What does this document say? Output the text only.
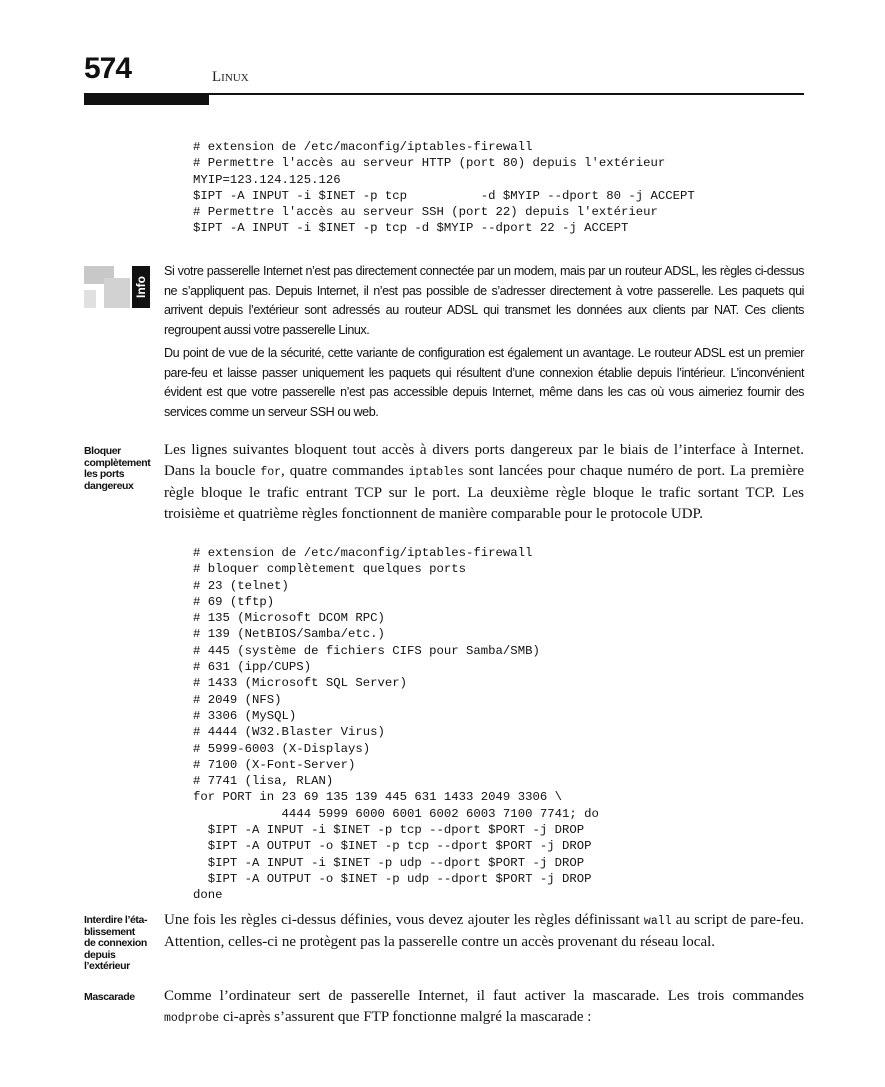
574	Linux
# extension de /etc/maconfig/iptables-firewall
# Permettre l'accès au serveur HTTP (port 80) depuis l'extérieur
MYIP=123.124.125.126
$IPT -A INPUT -i $INET -p tcp          -d $MYIP --dport 80 -j ACCEPT
# Permettre l'accès au serveur SSH (port 22) depuis l'extérieur
$IPT -A INPUT -i $INET -p tcp -d $MYIP --dport 22 -j ACCEPT
Info

Si votre passerelle Internet n’est pas directement connectée par un modem, mais par un routeur ADSL, les règles ci-dessus ne s’appliquent pas. Depuis Internet, il n’est pas possible de s’adresser directement à votre passerelle. Les paquets qui arrivent depuis l’extérieur sont adressés au routeur ADSL qui transmet les données aux clients par NAT. Ces clients regroupent aussi votre passerelle Linux.

Du point de vue de la sécurité, cette variante de configuration est également un avantage. Le routeur ADSL est un premier pare-feu et laisse passer uniquement les paquets qui résultent d’une connexion établie depuis l’intérieur. L’inconvénient évident est que votre passerelle n’est pas accessible depuis Internet, même dans les cas où vous aimeriez fournir des services comme un serveur SSH ou web.

Bloquer complètement les ports dangereux

Les lignes suivantes bloquent tout accès à divers ports dangereux par le biais de l’interface à Internet. Dans la boucle for, quatre commandes iptables sont lancées pour chaque numéro de port. La première règle bloque le trafic entrant TCP sur le port. La deuxième règle bloque le trafic sortant TCP. Les troisième et quatrième règles fonctionnent de manière comparable pour le protocole UDP.

# extension de /etc/maconfig/iptables-firewall
# bloquer complètement quelques ports
# 23 (telnet)
# 69 (tftp)
# 135 (Microsoft DCOM RPC)
# 139 (NetBIOS/Samba/etc.)
# 445 (système de fichiers CIFS pour Samba/SMB)
# 631 (ipp/CUPS)
# 1433 (Microsoft SQL Server)
# 2049 (NFS)
# 3306 (MySQL)
# 4444 (W32.Blaster Virus)
# 5999-6003 (X-Displays)
# 7100 (X-Font-Server)
# 7741 (lisa, RLAN)
for PORT in 23 69 135 139 445 631 1433 2049 3306 \
4444 5999 6000 6001 6002 6003 7100 7741; do
$IPT -A INPUT -i $INET -p tcp --dport $PORT -j DROP
$IPT -A OUTPUT -o $INET -p tcp --dport $PORT -j DROP
$IPT -A INPUT -i $INET -p udp --dport $PORT -j DROP
$IPT -A OUTPUT -o $INET -p udp --dport $PORT -j DROP
done

Interdire l’éta-
blissement
de connexion
depuis
l’extérieur

Une fois les règles ci-dessus définies, vous devez ajouter les règles définissant wall au script de pare-feu. Attention, celles-ci ne protègent pas la passerelle contre un accès provenant du réseau local.

Mascarade	Comme l’ordinateur sert de passerelle Internet, il faut activer la mascarade. Les trois commandes modprobe ci-après s’assurent que FTP fonctionne malgré la mascarade :
